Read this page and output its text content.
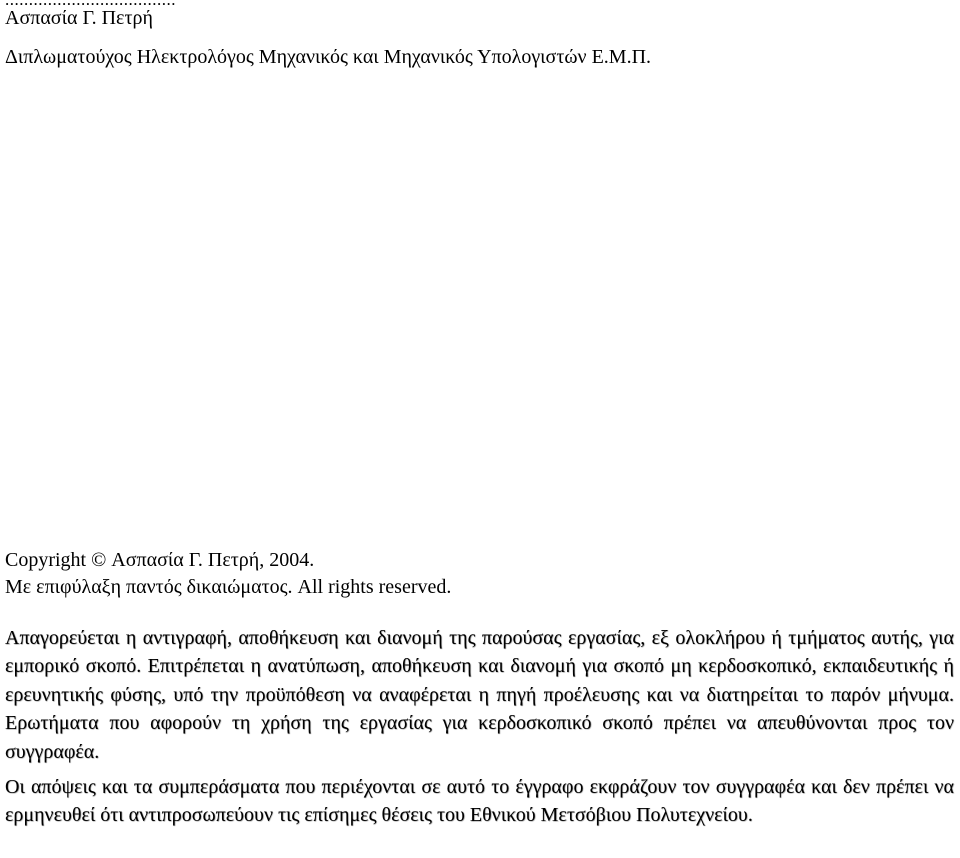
Ασπασία Γ. Πετρή
Διπλωματούχος Ηλεκτρολόγος Μηχανικός και Μηχανικός Υπολογιστών Ε.Μ.Π.
Copyright © Ασπασία Γ. Πετρή, 2004.
Με επιφύλαξη παντός δικαιώματος. All rights reserved.

Απαγορεύεται η αντιγραφή, αποθήκευση και διανομή της παρούσας εργασίας, εξ ολοκλήρου ή τμήματος αυτής, για εμπορικό σκοπό. Επιτρέπεται η ανατύπωση, αποθήκευση και διανομή για σκοπό μη κερδοσκοπικό, εκπαιδευτικής ή ερευνητικής φύσης, υπό την προϋπόθεση να αναφέρεται η πηγή προέλευσης και να διατηρείται το παρόν μήνυμα. Ερωτήματα που αφορούν τη χρήση της εργασίας για κερδοσκοπικό σκοπό πρέπει να απευθύνονται προς τον συγγραφέα.

Οι απόψεις και τα συμπεράσματα που περιέχονται σε αυτό το έγγραφο εκφράζουν τον συγγραφέα και δεν πρέπει να ερμηνευθεί ότι αντιπροσωπεύουν τις επίσημες θέσεις του Εθνικού Μετσόβιου Πολυτεχνείου.
